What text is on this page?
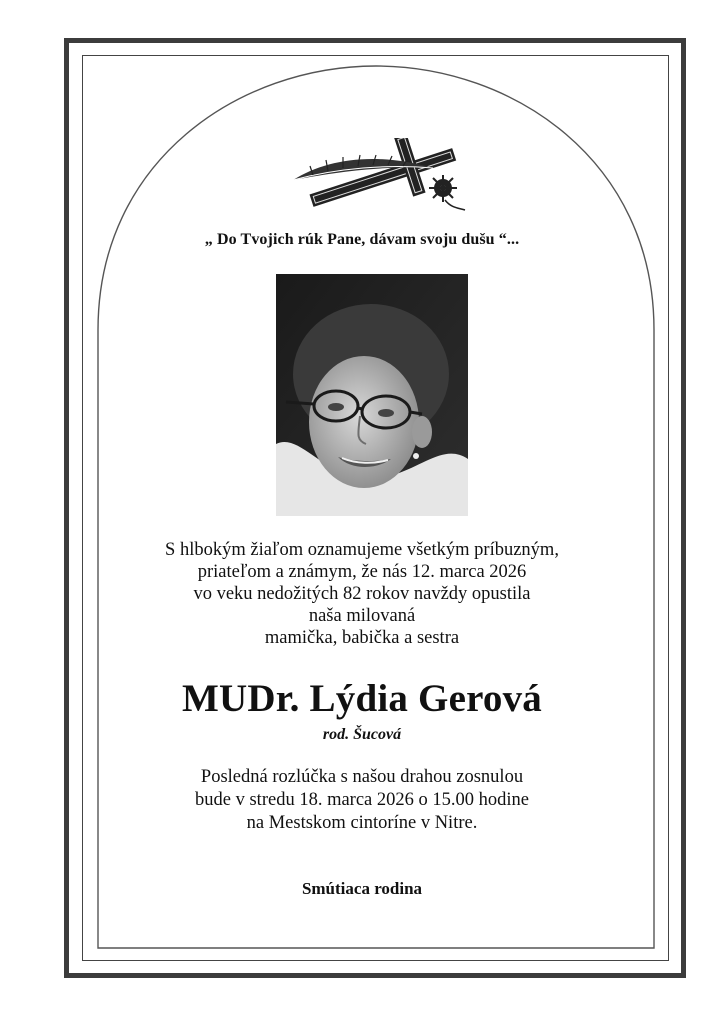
„ Do Tvojich rúk Pane, dávam svoju dušu “...
S hlbokým žiaľom oznamujeme všetkým príbuzným,
priateľom a známym, že nás 12. marca 2026
vo veku nedožitých 82 rokov navždy opustila
naša milovaná
mamička, babička a sestra
MUDr. Lýdia Gerová
rod. Šucová
Posledná rozlúčka s našou drahou zosnulou
bude v stredu 18. marca 2026 o 15.00 hodine
na Mestskom cintoríne v Nitre.
Smútiaca rodina
